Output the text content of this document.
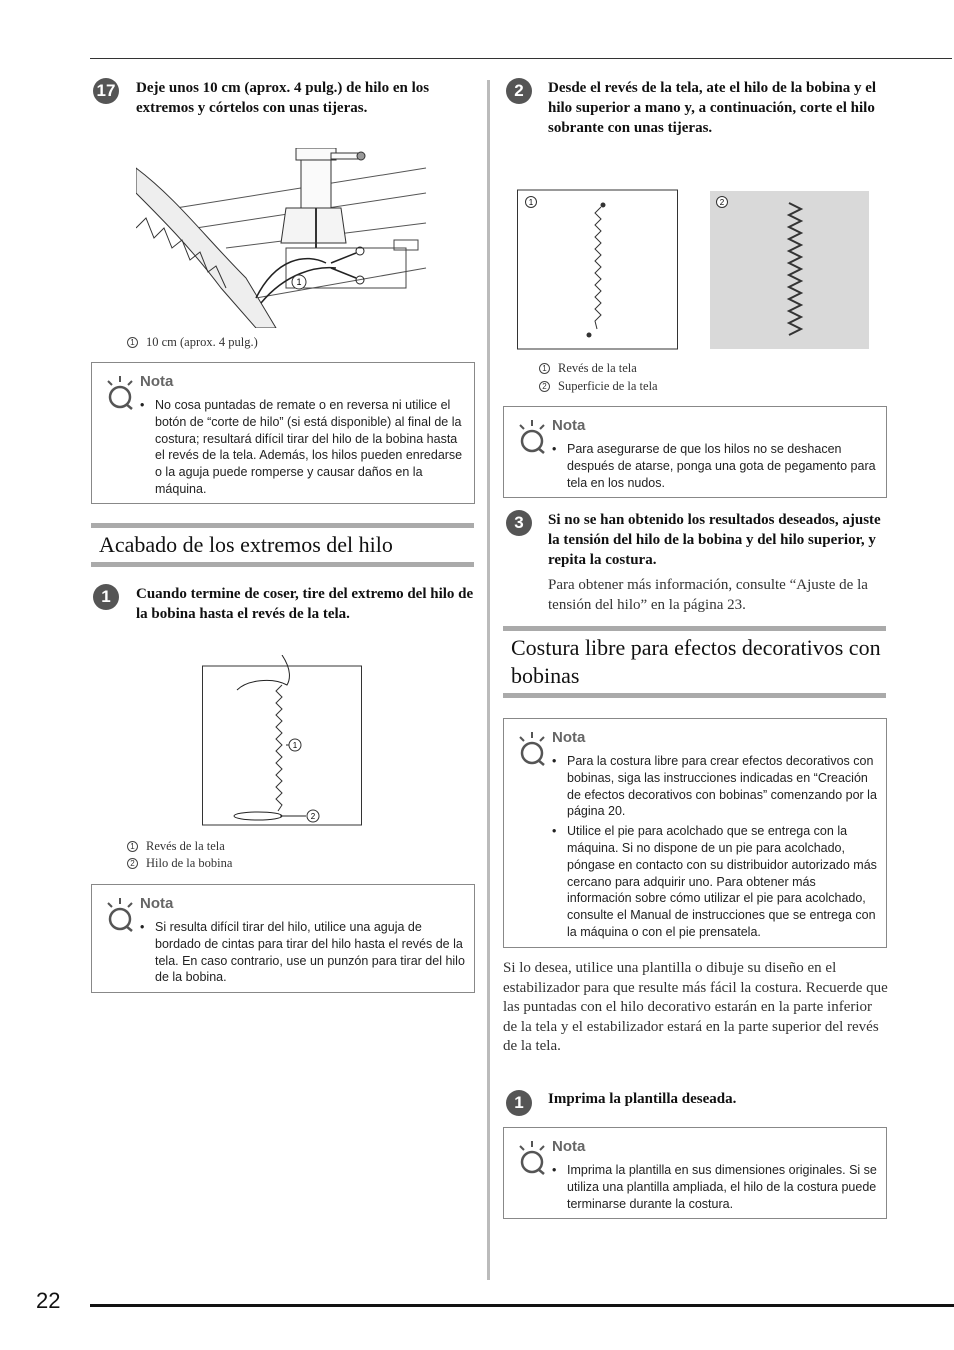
17 Deje unos 10 cm (aprox. 4 pulg.) de hilo en los extremos y córtelos con unas tijeras.
1
1 10 cm (aprox. 4 pulg.)
Nota
• No cosa puntadas de remate o en reversa ni utilice el botón de “corte de hilo” (si está disponible) al final de la costura; resultará difícil tirar del hilo de la bobina hasta el revés de la tela. Además, los hilos pueden enredarse o la aguja puede romperse y causar daños en la máquina.
Acabado de los extremos del hilo
1	Cuando termine de coser, tire del extremo del hilo de la bobina hasta el revés de la tela.
1
2
1 Revés de la tela
2 Hilo de la bobina
Nota
• Si resulta difícil tirar del hilo, utilice una aguja de bordado de cintas para tirar del hilo hasta el revés de la tela. En caso contrario, use un punzón para tirar del hilo de la bobina.
2	Desde el revés de la tela, ate el hilo de la bobina y el hilo superior a mano y, a continuación, corte el hilo sobrante con unas tijeras.
1	2
1 Revés de la tela
2 Superficie de la tela
Nota
• Para asegurarse de que los hilos no se deshacen después de atarse, ponga una gota de pegamento para tela en los nudos.
3	Si no se han obtenido los resultados deseados, ajuste la tensión del hilo de la bobina y del hilo superior, y repita la costura.
Para obtener más información, consulte “Ajuste de la tensión del hilo” en la página 23.
Costura libre para efectos decorativos con bobinas
Nota
• Para la costura libre para crear efectos decorativos con bobinas, siga las instrucciones indicadas en “Creación de efectos decorativos con bobinas” comenzando por la página 20.
• Utilice el pie para acolchado que se entrega con la máquina. Si no dispone de un pie para acolchado, póngase en contacto con su distribuidor autorizado más cercano para adquirir uno. Para obtener más información sobre cómo utilizar el pie para acolchado, consulte el Manual de instrucciones que se entrega con la máquina o con el pie prensatela.
Si lo desea, utilice una plantilla o dibuje su diseño en el estabilizador para que resulte más fácil la costura. Recuerde que las puntadas con el hilo decorativo estarán en la parte inferior de la tela y el estabilizador estará en la parte superior del revés de la tela.
1	Imprima la plantilla deseada.
Nota
• Imprima la plantilla en sus dimensiones originales. Si se utiliza una plantilla ampliada, el hilo de la costura puede terminarse durante la costura.
22
